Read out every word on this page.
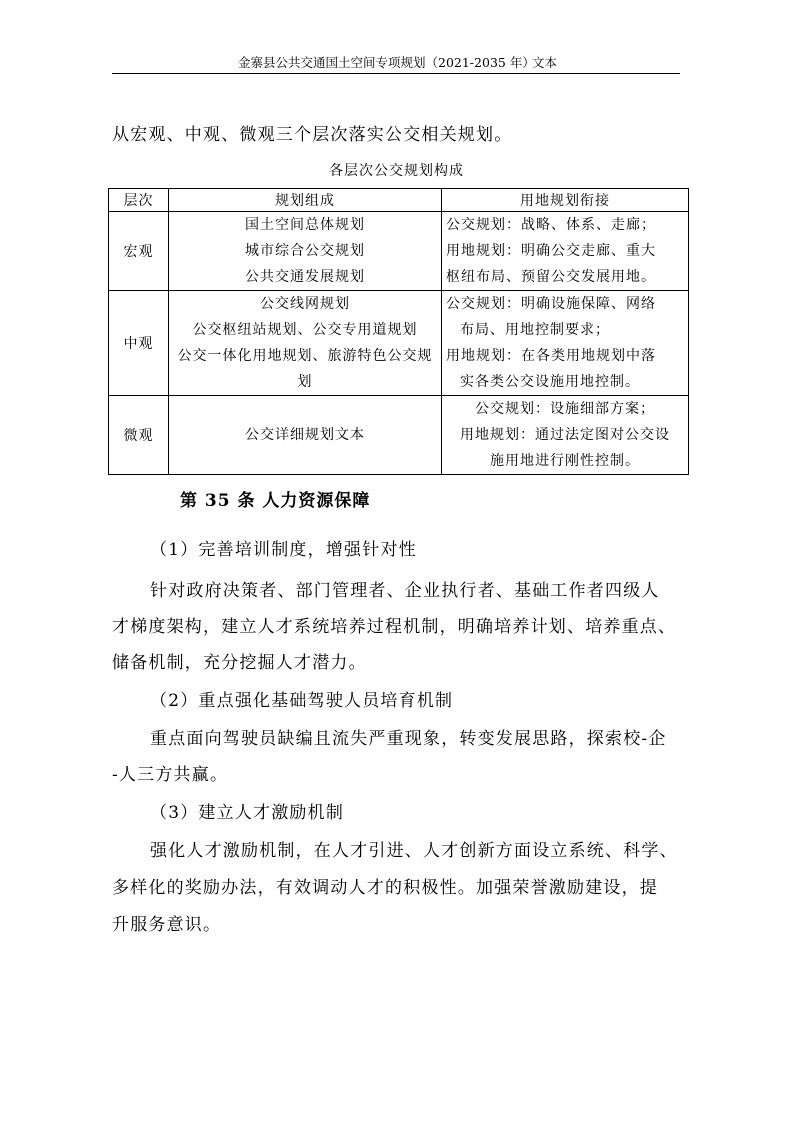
金寨县公共交通国土空间专项规划（2021-2035 年）
文本
从宏观、中观、微观三个层次落实公交相关规划。
各层次公交规划构成
层次	规划组成	用地规划衔接
宏观	国土空间总体规划
城市综合公交规划
公共交通发展规划	公交规划：战略、体系、走廊；
用地规划：明确公交走廊、重大
枢纽布局、预留公交发展用地。

中观	公交线网规划
公交枢纽站规划、公交专用道规划
公交一体化用地规划、旅游特色公交规
划	公交规划：明确设施保障、网络
布局、用地控制要求；
用地规划：在各类用地规划中落
实各类公交设施用地控制。

微观	公交详细规划文本	公交规划：设施细部方案；
用地规划：通过法定图对公交设
施用地进行刚性控制。
第 35 条 人力资源保障
（1）完善培训制度，增强针对性
针对政府决策者、部门管理者、企业执行者、基础工作者四级人
才梯度架构，建立人才系统培养过程机制，明确培养计划、培养重点、
储备机制，充分挖掘人才潜力。
（2）重点强化基础驾驶人员培育机制
重点面向驾驶员缺编且流失严重现象，转变发展思路，探索校-企
-人三方共赢。
（3）建立人才激励机制
强化人才激励机制，在人才引进、人才创新方面设立系统、科学、
多样化的奖励办法，有效调动人才的积极性。加强荣誉激励建设，提
升服务意识。
